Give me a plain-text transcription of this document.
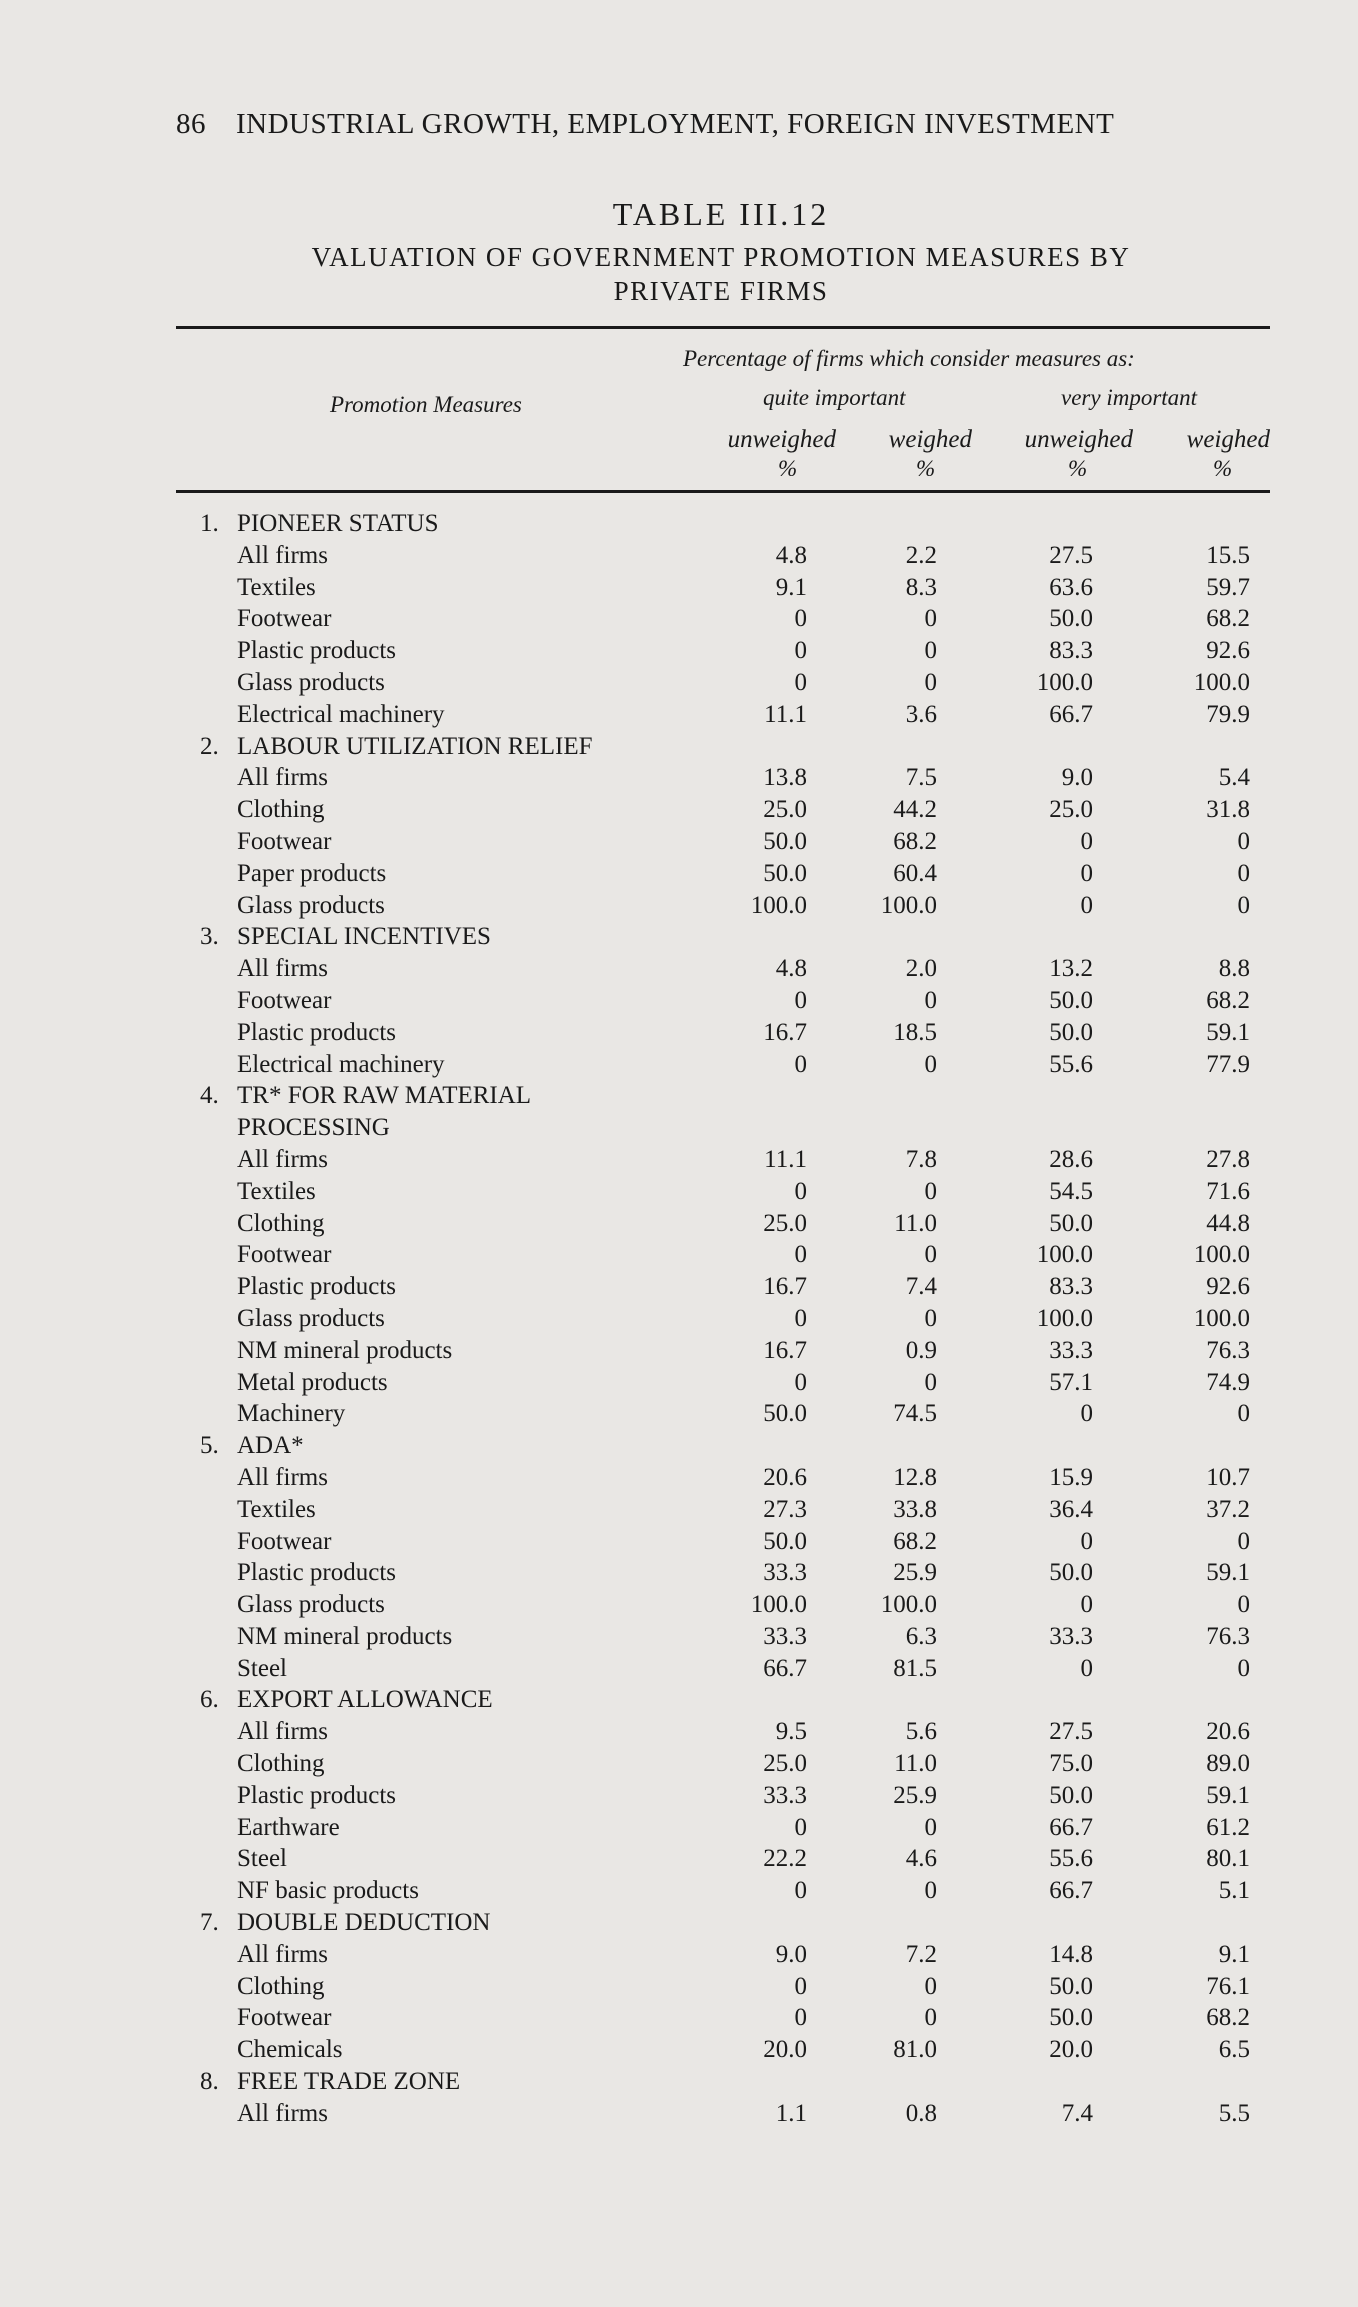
86 INDUSTRIAL GROWTH, EMPLOYMENT, FOREIGN INVESTMENT
TABLE III.12
VALUATION OF GOVERNMENT PROMOTION MEASURES BY PRIVATE FIRMS
Percentage of firms which consider measures as:
Promotion Measures	quite important	very important
unweighed	weighed	unweighed	weighed
%	%	%	%
1. PIONEER STATUS
All firms	4.8	2.2	27.5	15.5
Textiles	9.1	8.3	63.6	59.7
Footwear	0	0	50.0	68.2
Plastic products	0	0	83.3	92.6
Glass products	0	0	100.0	100.0
Electrical machinery	11.1	3.6	66.7	79.9
2. LABOUR UTILIZATION RELIEF
All firms	13.8	7.5	9.0	5.4
Clothing	25.0	44.2	25.0	31.8
Footwear	50.0	68.2	0	0
Paper products	50.0	60.4	0	0
Glass products	100.0	100.0	0	0
3. SPECIAL INCENTIVES
All firms	4.8	2.0	13.2	8.8
Footwear	0	0	50.0	68.2
Plastic products	16.7	18.5	50.0	59.1
Electrical machinery	0	0	55.6	77.9
4. TR* FOR RAW MATERIAL
PROCESSING
All firms	11.1	7.8	28.6	27.8
Textiles	0	0	54.5	71.6
Clothing	25.0	11.0	50.0	44.8
Footwear	0	0	100.0	100.0
Plastic products	16.7	7.4	83.3	92.6
Glass products	0	0	100.0	100.0
NM mineral products	16.7	0.9	33.3	76.3
Metal products	0	0	57.1	74.9
Machinery	50.0	74.5	0	0
5. ADA*
All firms	20.6	12.8	15.9	10.7
Textiles	27.3	33.8	36.4	37.2
Footwear	50.0	68.2	0	0
Plastic products	33.3	25.9	50.0	59.1
Glass products	100.0	100.0	0	0
NM mineral products	33.3	6.3	33.3	76.3
Steel	66.7	81.5	0	0
6. EXPORT ALLOWANCE
All firms	9.5	5.6	27.5	20.6
Clothing	25.0	11.0	75.0	89.0
Plastic products	33.3	25.9	50.0	59.1
Earthware	0	0	66.7	61.2
Steel	22.2	4.6	55.6	80.1
NF basic products	0	0	66.7	5.1
7. DOUBLE DEDUCTION
All firms	9.0	7.2	14.8	9.1
Clothing	0	0	50.0	76.1
Footwear	0	0	50.0	68.2
Chemicals	20.0	81.0	20.0	6.5
8. FREE TRADE ZONE
All firms	1.1	0.8	7.4	5.5
